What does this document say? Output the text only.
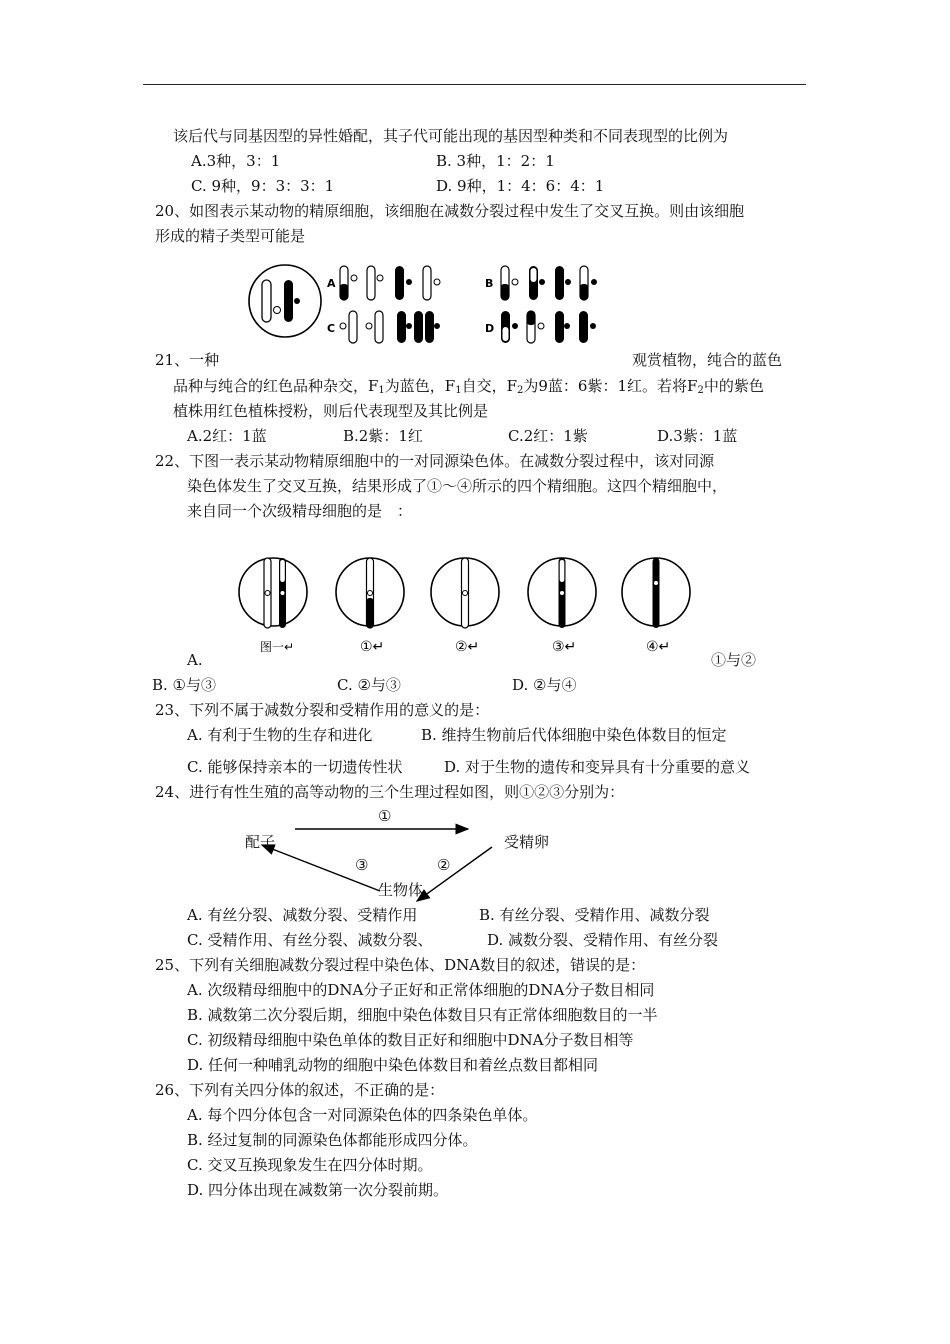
该后代与同基因型的异性婚配，其子代可能出现的基因型种类和不同表现型的比例为
A.3种，3：1	B. 3种，1：2：1
C. 9种，9：3：3：1	D. 9种，1：4：6：4：1
20、如图表示某动物的精原细胞，该细胞在减数分裂过程中发生了交叉互换。则由该细胞
形成的精子类型可能是
A
C
B
D
21、一种	观赏植物，纯合的蓝色
品种与纯合的红色品种杂交，$F_1$为蓝色，$F_1$自交，$F_2$为9蓝：6紫：1红。若将$F_2$中的紫色
植株用红色植株授粉，则后代表现型及其比例是
A.2红：1蓝	B.2紫：1红	C.2红：1紫	D.3紫：1蓝
22、下图一表示某动物精原细胞中的一对同源染色体。在减数分裂过程中，该对同源
染色体发生了交叉互换，结果形成了①～④所示的四个精细胞。这四个精细胞中，
来自同一个次级精母细胞的是　：
图一↵	①↵	②↵	③↵	④↵
A.	①与②
B. ①与③	C. ②与③	D. ②与④
23、下列不属于减数分裂和受精作用的意义的是：
A. 有利于生物的生存和进化	B. 维持生物前后代体细胞中染色体数目的恒定
C. 能够保持亲本的一切遗传性状	D. 对于生物的遗传和变异具有十分重要的意义
24、进行有性生殖的高等动物的三个生理过程如图，则①②③分别为：
①
配子	受精卵
③	②
生物体
A. 有丝分裂、减数分裂、受精作用	B. 有丝分裂、受精作用、减数分裂
C. 受精作用、有丝分裂、减数分裂、	D. 减数分裂、受精作用、有丝分裂
25、下列有关细胞减数分裂过程中染色体、DNA数目的叙述，错误的是：
A. 次级精母细胞中的DNA分子正好和正常体细胞的DNA分子数目相同
B. 减数第二次分裂后期，细胞中染色体数目只有正常体细胞数目的一半
C. 初级精母细胞中染色单体的数目正好和细胞中DNA分子数目相等
D. 任何一种哺乳动物的细胞中染色体数目和着丝点数目都相同
26、下列有关四分体的叙述，不正确的是：
A. 每个四分体包含一对同源染色体的四条染色单体。
B. 经过复制的同源染色体都能形成四分体。
C. 交叉互换现象发生在四分体时期。
D. 四分体出现在减数第一次分裂前期。
